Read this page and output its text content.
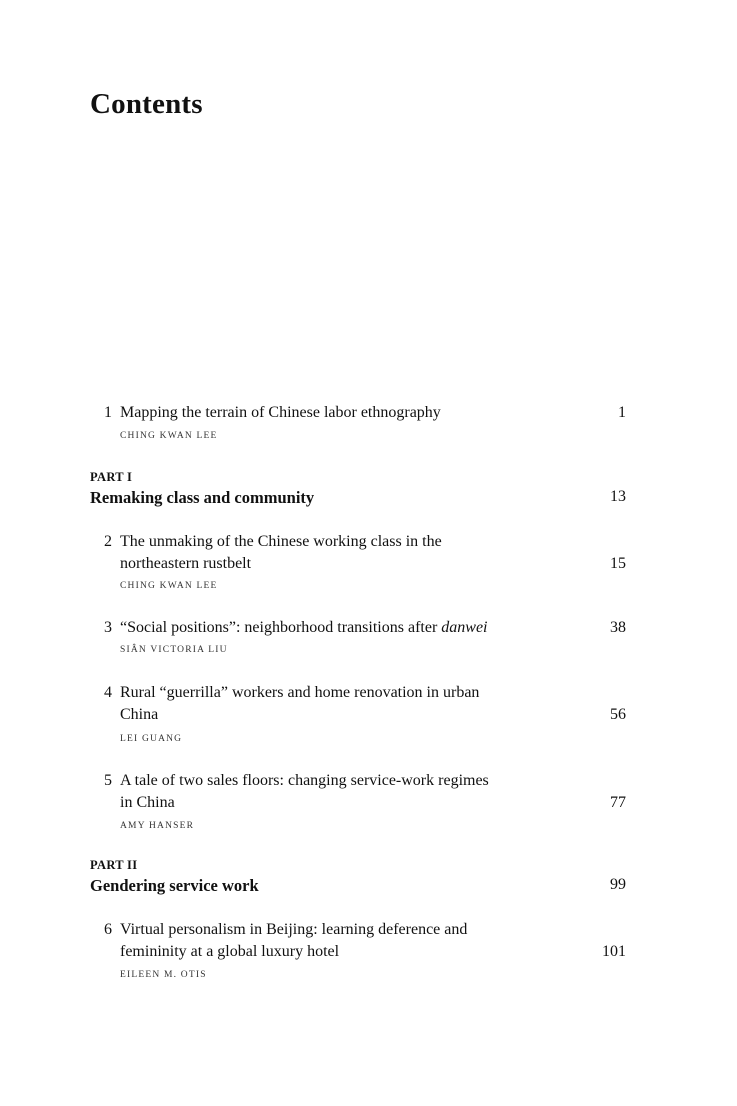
Contents
1 Mapping the terrain of Chinese labor ethnography	1
CHING KWAN LEE
PART I
Remaking class and community	13
2 The unmaking of the Chinese working class in the
northeastern rustbelt	15
CHING KWAN LEE
3 “Social positions”: neighborhood transitions after danwei	38
SIÂN VICTORIA LIU
4 Rural “guerrilla” workers and home renovation in urban
China	56
LEI GUANG
5 A tale of two sales floors: changing service-work regimes
in China	77
AMY HANSER
PART II
Gendering service work	99
6 Virtual personalism in Beijing: learning deference and
femininity at a global luxury hotel	101
EILEEN M. OTIS
